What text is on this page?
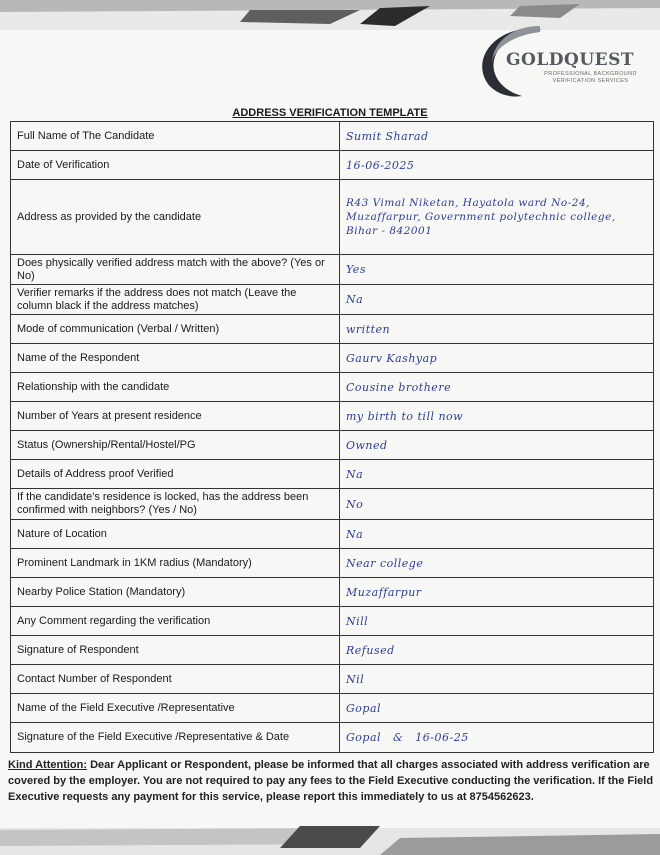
GOLDQUEST
PROFESSIONAL BACKGROUND VERIFICATION SERVICES
ADDRESS VERIFICATION TEMPLATE
Full Name of The Candidate	Sumit Sharad
Date of Verification	16-06-2025
Address as provided by the candidate	R43 Vimal Niketan, Hayatola ward No-24, Muzaffarpur, Government polytechnic college, Bihar - 842001
Does physically verified address match with the above? (Yes or No)	Yes
Verifier remarks if the address does not match (Leave the column black if the address matches)	Na
Mode of communication (Verbal / Written)	written
Name of the Respondent	Gaurv Kashyap
Relationship with the candidate	Cousine brothere
Number of Years at present residence	my birth to till now
Status (Ownership/Rental/Hostel/PG	Owned
Details of Address proof Verified	Na
If the candidate's residence is locked, has the address been confirmed with neighbors? (Yes / No)	No
Nature of Location	Na
Prominent Landmark in 1KM radius (Mandatory)	Near college
Nearby Police Station (Mandatory)	Muzaffarpur
Any Comment regarding the verification	Nill
Signature of Respondent	Refused
Contact Number of Respondent	Nil
Name of the Field Executive /Representative	Gopal
Signature of the Field Executive /Representative & Date	Gopal   &   16-06-25
Kind Attention: Dear Applicant or Respondent, please be informed that all charges associated with address verification are covered by the employer. You are not required to pay any fees to the Field Executive conducting the verification. If the Field Executive requests any payment for this service, please report this immediately to us at 8754562623.
